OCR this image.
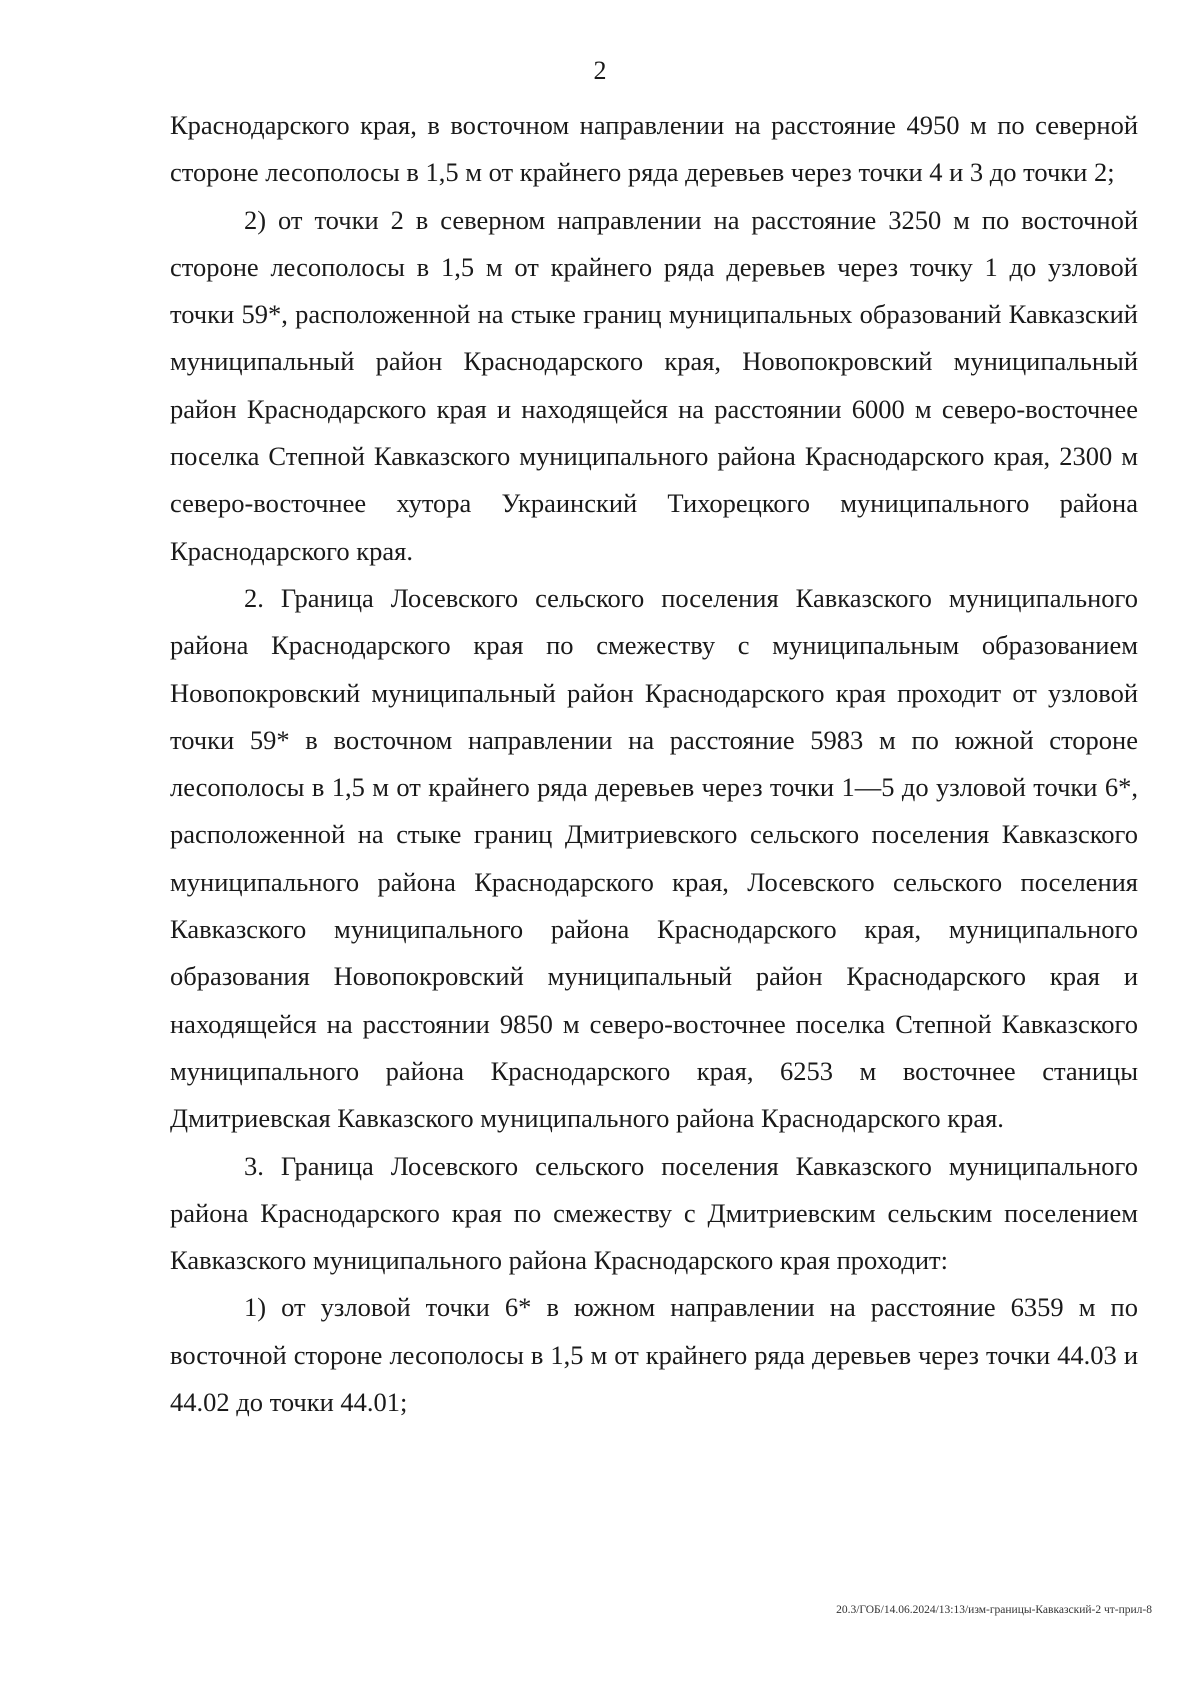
2

Краснодарского края, в восточном направлении на расстояние 4950 м по северной стороне лесополосы в 1,5 м от крайнего ряда деревьев через точки 4 и 3 до точки 2;

2) от точки 2 в северном направлении на расстояние 3250 м по восточной стороне лесополосы в 1,5 м от крайнего ряда деревьев через точку 1 до узловой точки 59*, расположенной на стыке границ муниципальных образований Кавказский муниципальный район Краснодарского края, Новопокровский муниципальный район Краснодарского края и находящейся на расстоянии 6000 м северо-восточнее поселка Степной Кавказского муниципального района Краснодарского края, 2300 м северо-восточнее хутора Украинский Тихорецкого муниципального района Краснодарского края.

2. Граница Лосевского сельского поселения Кавказского муниципального района Краснодарского края по смежеству с муниципальным образованием Новопокровский муниципальный район Краснодарского края проходит от узловой точки 59* в восточном направлении на расстояние 5983 м по южной стороне лесополосы в 1,5 м от крайнего ряда деревьев через точки 1—5 до узловой точки 6*, расположенной на стыке границ Дмитриевского сельского поселения Кавказского муниципального района Краснодарского края, Лосевского сельского поселения Кавказского муниципального района Краснодарского края, муниципального образования Новопокровский муниципальный район Краснодарского края и находящейся на расстоянии 9850 м северо-восточнее поселка Степной Кавказского муниципального района Краснодарского края, 6253 м восточнее станицы Дмитриевская Кавказского муниципального района Краснодарского края.

3. Граница Лосевского сельского поселения Кавказского муниципального района Краснодарского края по смежеству с Дмитриевским сельским поселением Кавказского муниципального района Краснодарского края проходит:

1) от узловой точки 6* в южном направлении на расстояние 6359 м по восточной стороне лесополосы в 1,5 м от крайнего ряда деревьев через точки 44.03 и 44.02 до точки 44.01;

20.3/ГОБ/14.06.2024/13:13/изм-границы-Кавказский-2 чт-прил-8
